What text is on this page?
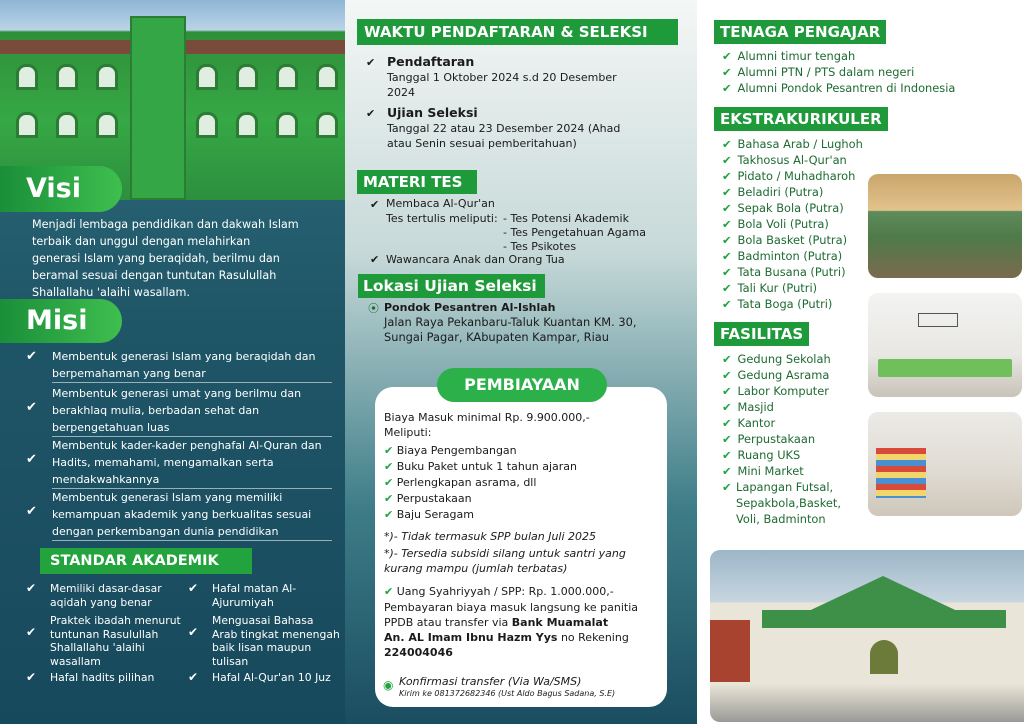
Visi
Menjadi lembaga pendidikan dan dakwah Islam terbaik dan unggul dengan melahirkan generasi Islam yang beraqidah, berilmu dan beramal sesuai dengan tuntutan Rasulullah Shallallahu 'alaihi wasallam.
Misi
✔ Membentuk generasi Islam yang beraqidah dan berpemahaman yang benar
✔
Membentuk generasi umat yang berilmu dan berakhlaq mulia, berbadan sehat dan berpengetahuan luas
✔
Membentuk kader-kader penghafal Al-Quran dan Hadits, memahami, mengamalkan serta mendakwahkannya
✔
Membentuk generasi Islam yang memiliki kemampuan akademik yang berkualitas sesuai dengan perkembangan dunia pendidikan
STANDAR AKADEMIK
✔ Memiliki dasar-dasar aqidah yang benar
✔ Hafal matan Al-Ajurumiyah
✔
Praktek ibadah menurut tuntunan Rasulullah Shallallahu 'alaihi wasallam
✔
Menguasai Bahasa Arab tingkat menengah baik lisan maupun tulisan
✔ Hafal hadits pilihan	✔ Hafal Al-Qur'an 10 Juz
WAKTU PENDAFTARAN & SELEKSI
✔ Pendaftaran
Tanggal 1 Oktober 2024 s.d 20 Desember 2024
✔ Ujian Seleksi
Tanggal 22 atau 23 Desember 2024 (Ahad atau Senin sesuai pemberitahuan)
MATERI TES
✔ Membaca Al-Qur'an
Tes tertulis meliputi: - Tes Potensi Akademik
- Tes Pengetahuan Agama
- Tes Psikotes
✔ Wawancara Anak dan Orang Tua
Lokasi Ujian Seleksi
⦿ Pondok Pesantren Al-Ishlah
Jalan Raya Pekanbaru-Taluk Kuantan KM. 30, Sungai Pagar, KAbupaten Kampar, Riau
PEMBIAYAAN
Biaya Masuk minimal Rp. 9.900.000,- Meliputi:
✔ Biaya Pengembangan
✔ Buku Paket untuk 1 tahun ajaran
✔ Perlengkapan asrama, dll
✔ Perpustakaan
✔ Baju Seragam
*)- Tidak termasuk SPP bulan Juli 2025
*)- Tersedia subsidi silang untuk santri yang kurang mampu (jumlah terbatas)
✔ Uang Syahriyyah / SPP: Rp. 1.000.000,-
Pembayaran biaya masuk langsung ke panitia PPDB atau transfer via Bank Muamalat
An. AL Imam Ibnu Hazm Yys no Rekening
224004046
◉ Konfirmasi transfer (Via Wa/SMS)
Kirim ke 081372682346 (Ust Aldo Bagus Sadana, S.E)
TENAGA PENGAJAR
✔ Alumni timur tengah
✔ Alumni PTN / PTS dalam negeri
✔ Alumni Pondok Pesantren di Indonesia
EKSTRAKURIKULER
✔ Bahasa Arab / Lughoh
✔ Takhosus Al-Qur'an
✔ Pidato / Muhadharoh
✔ Beladiri (Putra)
✔ Sepak Bola (Putra)
✔ Bola Voli (Putra)
✔ Bola Basket (Putra)
✔ Badminton (Putra)
✔ Tata Busana (Putri)
✔ Tali Kur (Putri)
✔ Tata Boga (Putri)
FASILITAS
✔ Gedung Sekolah
✔ Gedung Asrama
✔ Labor Komputer
✔ Masjid
✔ Kantor
✔ Perpustakaan
✔ Ruang UKS
✔ Mini Market
✔ Lapangan Futsal, Sepakbola,Basket, Voli, Badminton
